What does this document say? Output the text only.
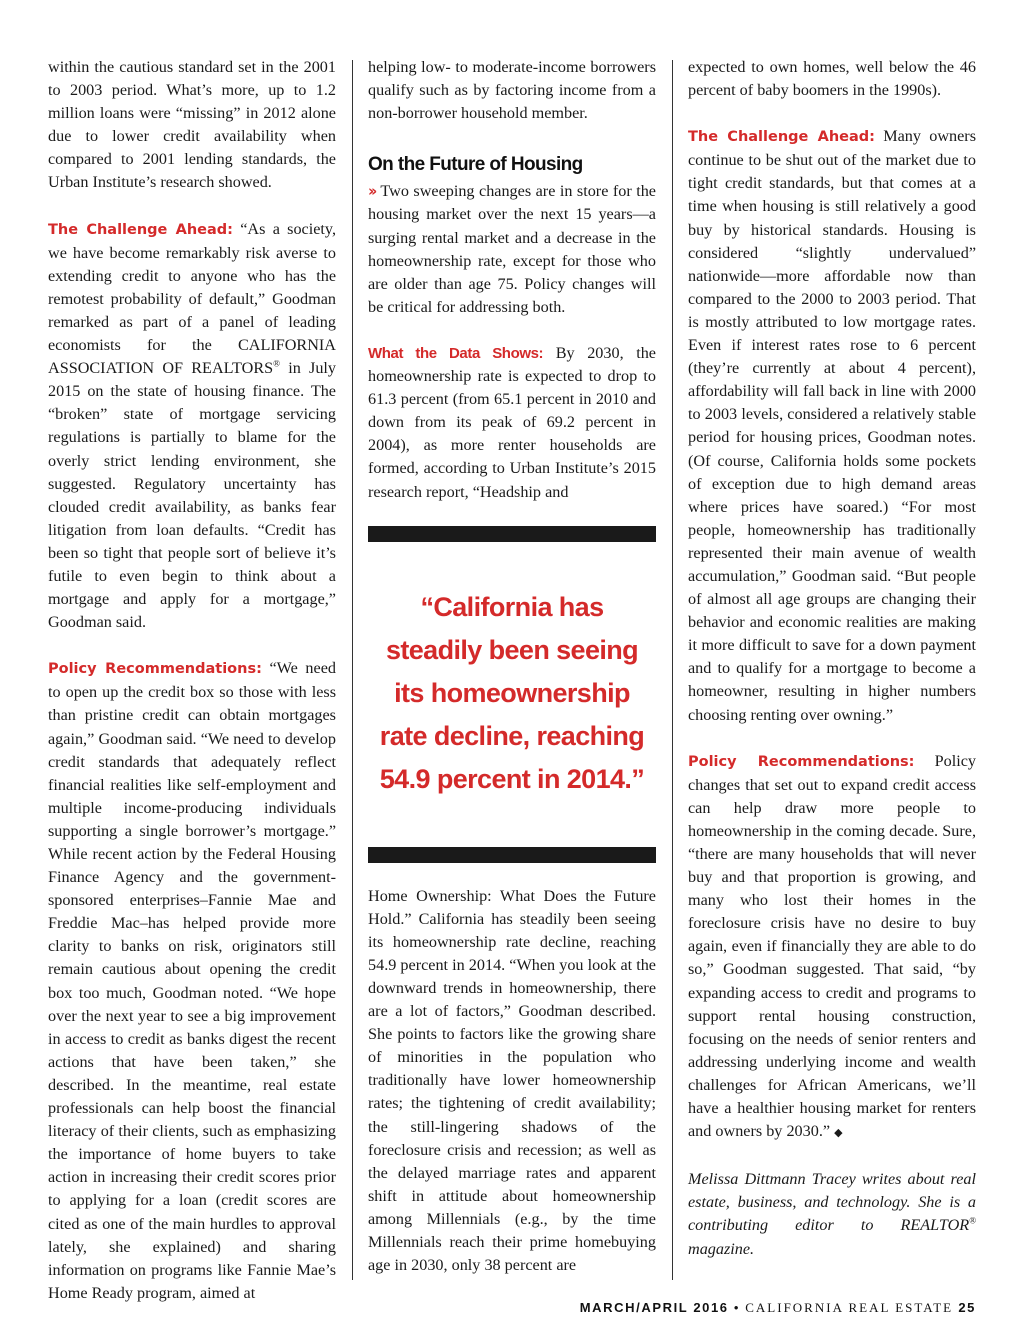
within the cautious standard set in the 2001 to 2003 period. What’s more, up to 1.2 million loans were “missing” in 2012 alone due to lower credit availability when compared to 2001 lending standards, the Urban Institute’s research showed.

The Challenge Ahead: “As a society, we have become remarkably risk averse to extending credit to anyone who has the remotest probability of default,” Goodman remarked as part of a panel of leading economists for the CALIFORNIA ASSOCIATION OF REALTORS® in July 2015 on the state of housing finance. The “broken” state of mortgage servicing regulations is partially to blame for the overly strict lending environment, she suggested. Regulatory uncertainty has clouded credit availability, as banks fear litigation from loan defaults. “Credit has been so tight that people sort of believe it’s futile to even begin to think about a mortgage and apply for a mortgage,” Goodman said.

Policy Recommendations: “We need to open up the credit box so those with less than pristine credit can obtain mortgages again,” Goodman said. “We need to develop credit standards that adequately reflect financial realities like self-employment and multiple income-producing individuals supporting a single borrower’s mortgage.” While recent action by the Federal Housing Finance Agency and the government-sponsored enterprises–Fannie Mae and Freddie Mac–has helped provide more clarity to banks on risk, originators still remain cautious about opening the credit box too much, Goodman noted. “We hope over the next year to see a big improvement in access to credit as banks digest the recent actions that have been taken,” she described. In the meantime, real estate professionals can help boost the financial literacy of their clients, such as emphasizing the importance of home buyers to take action in increasing their credit scores prior to applying for a loan (credit scores are cited as one of the main hurdles to approval lately, she explained) and sharing information on programs like Fannie Mae’s Home Ready program, aimed at

helping low- to moderate-income borrowers qualify such as by factoring income from a non-borrower household member.

On the Future of Housing

›› Two sweeping changes are in store for the housing market over the next 15 years—a surging rental market and a decrease in the homeownership rate, except for those who are older than age 75. Policy changes will be critical for addressing both.

What the Data Shows: By 2030, the homeownership rate is expected to drop to 61.3 percent (from 65.1 percent in 2010 and down from its peak of 69.2 percent in 2004), as more renter households are formed, according to Urban Institute’s 2015 research report, “Headship and

“California has steadily been seeing its homeownership rate decline, reaching 54.9 percent in 2014.”

Home Ownership: What Does the Future Hold.” California has steadily been seeing its homeownership rate decline, reaching 54.9 percent in 2014. “When you look at the downward trends in homeownership, there are a lot of factors,” Goodman described. She points to factors like the growing share of minorities in the population who traditionally have lower homeownership rates; the tightening of credit availability; the still-lingering shadows of the foreclosure crisis and recession; as well as the delayed marriage rates and apparent shift in attitude about homeownership among Millennials (e.g., by the time Millennials reach their prime homebuying age in 2030, only 38 percent are

expected to own homes, well below the 46 percent of baby boomers in the 1990s).

The Challenge Ahead: Many owners continue to be shut out of the market due to tight credit standards, but that comes at a time when housing is still relatively a good buy by historical standards. Housing is considered “slightly undervalued” nationwide—more affordable now than compared to the 2000 to 2003 period. That is mostly attributed to low mortgage rates. Even if interest rates rose to 6 percent (they’re currently at about 4 percent), affordability will fall back in line with 2000 to 2003 levels, considered a relatively stable period for housing prices, Goodman notes. (Of course, California holds some pockets of exception due to high demand areas where prices have soared.) “For most people, homeownership has traditionally represented their main avenue of wealth accumulation,” Goodman said. “But people of almost all age groups are changing their behavior and economic realities are making it more difficult to save for a down payment and to qualify for a mortgage to become a homeowner, resulting in higher numbers choosing renting over owning.”

Policy Recommendations: Policy changes that set out to expand credit access can help draw more people to homeownership in the coming decade. Sure, “there are many households that will never buy and that proportion is growing, and many who lost their homes in the foreclosure crisis have no desire to buy again, even if financially they are able to do so,” Goodman suggested. That said, “by expanding access to credit and programs to support rental housing construction, focusing on the needs of senior renters and addressing underlying income and wealth challenges for African Americans, we’ll have a healthier housing market for renters and owners by 2030.” ◆

Melissa Dittmann Tracey writes about real estate, business, and technology. She is a contributing editor to REALTOR® magazine.

MARCH/APRIL 2016 • CALIFORNIA REAL ESTATE 25
